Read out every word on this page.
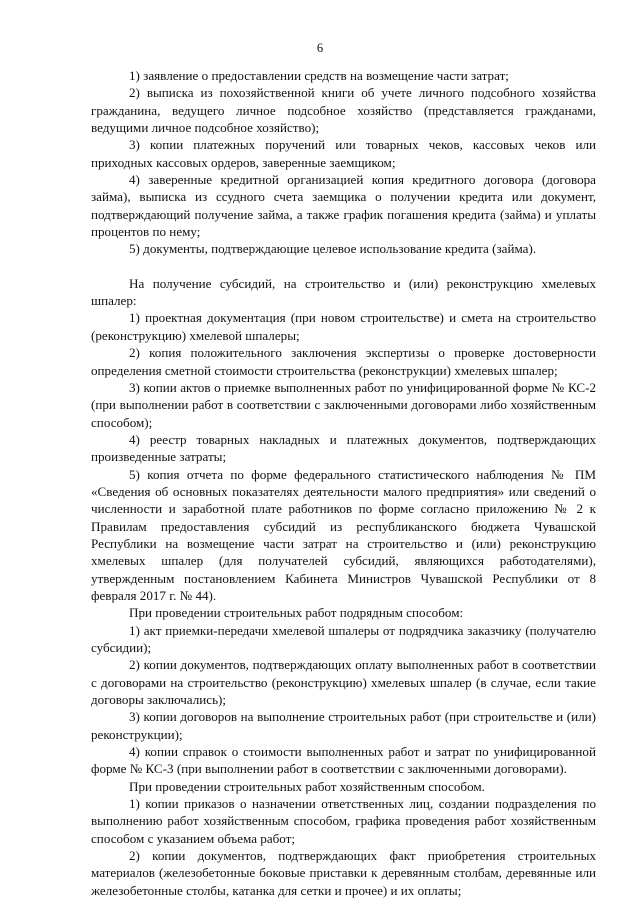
6

1) заявление о предоставлении средств на возмещение части затрат;

2) выписка из похозяйственной книги об учете личного подсобного хозяйства гражданина, ведущего личное подсобное хозяйство (представляется гражданами, ведущими личное подсобное хозяйство);

3) копии платежных поручений или товарных чеков, кассовых чеков или приходных кассовых ордеров, заверенные заемщиком;

4) заверенные кредитной организацией копия кредитного договора (договора займа), выписка из ссудного счета заемщика о получении кредита или документ, подтверждающий получение займа, а также график погашения кредита (займа) и уплаты процентов по нему;

5) документы, подтверждающие целевое использование кредита (займа).

На получение субсидий, на строительство и (или) реконструкцию хмелевых шпалер:

1) проектная документация (при новом строительстве) и смета на строительство (реконструкцию) хмелевой шпалеры;

2) копия положительного заключения экспертизы о проверке достоверности определения сметной стоимости строительства (реконструкции) хмелевых шпалер;

3) копии актов о приемке выполненных работ по унифицированной форме № КС-2 (при выполнении работ в соответствии с заключенными договорами либо хозяйственным способом);

4) реестр товарных накладных и платежных документов, подтверждающих произведенные затраты;

5) копия отчета по форме федерального статистического наблюдения № ПМ «Сведения об основных показателях деятельности малого предприятия» или сведений о численности и заработной плате работников по форме согласно приложению № 2 к Правилам предоставления субсидий из республиканского бюджета Чувашской Республики на возмещение части затрат на строительство и (или) реконструкцию хмелевых шпалер (для получателей субсидий, являющихся работодателями), утвержденным постановлением Кабинета Министров Чувашской Республики от 8 февраля 2017 г. № 44).

При проведении строительных работ подрядным способом:

1) акт приемки-передачи хмелевой шпалеры от подрядчика заказчику (получателю субсидии);

2) копии документов, подтверждающих оплату выполненных работ в соответствии с договорами на строительство (реконструкцию) хмелевых шпалер (в случае, если такие договоры заключались);

3) копии договоров на выполнение строительных работ (при строительстве и (или) реконструкции);

4) копии справок о стоимости выполненных работ и затрат по унифицированной форме № КС-3 (при выполнении работ в соответствии с заключенными договорами).

При проведении строительных работ хозяйственным способом.

1) копии приказов о назначении ответственных лиц, создании подразделения по выполнению работ хозяйственным способом, графика проведения работ хозяйственным способом с указанием объема работ;

2) копии документов, подтверждающих факт приобретения строительных материалов (железобетонные боковые приставки к деревянным столбам, деревянные или железобетонные столбы, катанка для сетки и прочее) и их оплаты;
